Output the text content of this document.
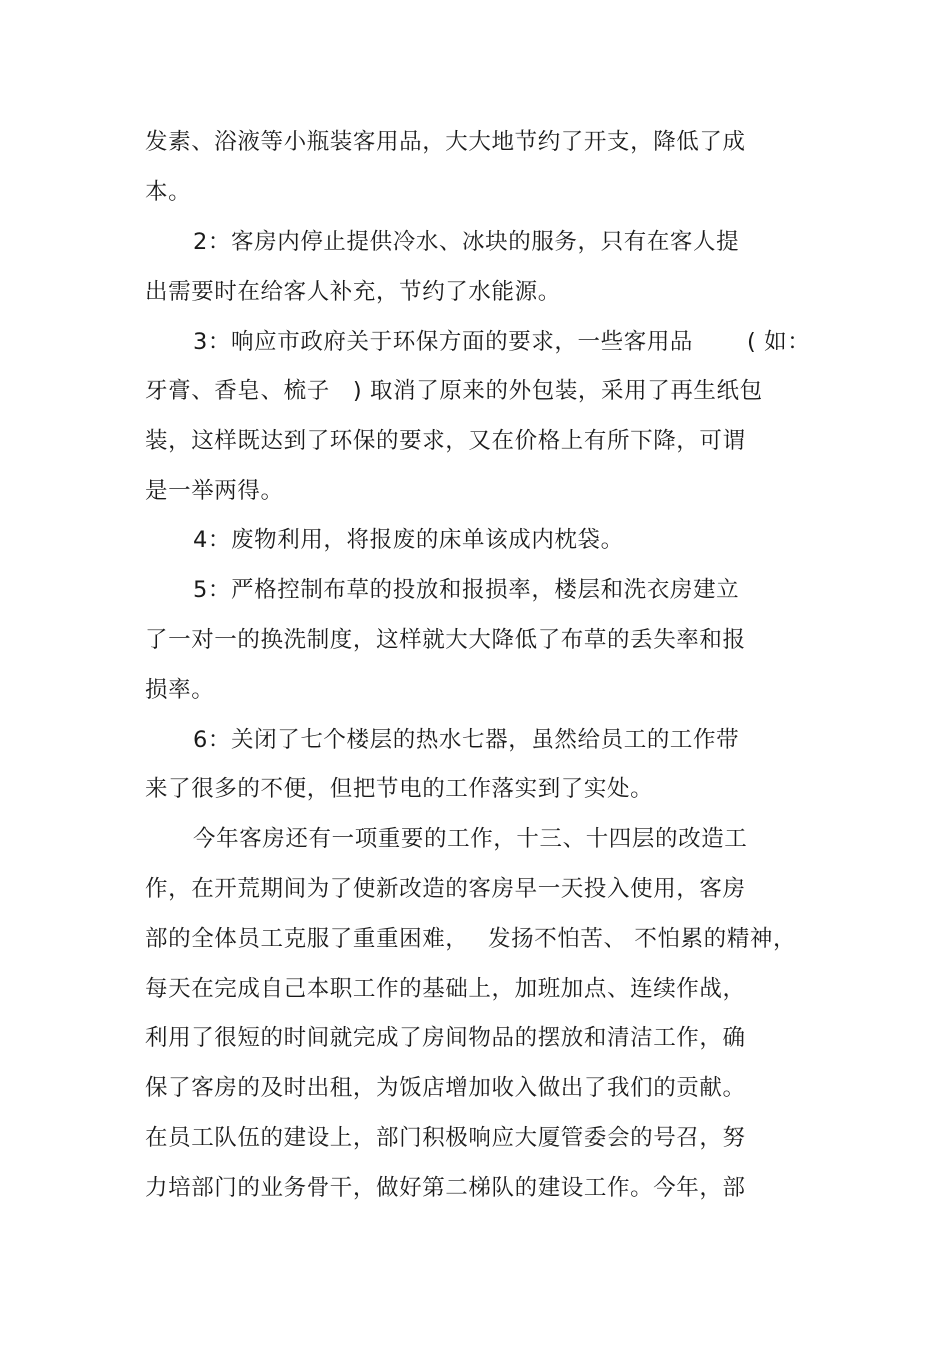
发素、浴液等小瓶装客用品，大大地节约了开支，降低了成

本。

2：客房内停止提供冷水、冰块的服务，只有在客人提

出需要时在给客人补充，节约了水能源。

3：响应市政府关于环保方面的要求，一些客用品　　 ( 如：

牙膏、香皂、梳子　) 取消了原来的外包装，采用了再生纸包

装，这样既达到了环保的要求，又在价格上有所下降，可谓

是一举两得。

4：废物利用，将报废的床单该成内枕袋。

5：严格控制布草的投放和报损率，楼层和洗衣房建立

了一对一的换洗制度，这样就大大降低了布草的丢失率和报

损率。

6：关闭了七个楼层的热水七器，虽然给员工的工作带

来了很多的不便，但把节电的工作落实到了实处。

今年客房还有一项重要的工作，十三、十四层的改造工

作，在开荒期间为了使新改造的客房早一天投入使用，客房

部的全体员工克服了重重困难，　 发扬不怕苦、 不怕累的精神，

每天在完成自己本职工作的基础上，加班加点、连续作战，

利用了很短的时间就完成了房间物品的摆放和清洁工作，确

保了客房的及时出租，为饭店增加收入做出了我们的贡献。

在员工队伍的建设上，部门积极响应大厦管委会的号召，努

力培部门的业务骨干，做好第二梯队的建设工作。今年，部
